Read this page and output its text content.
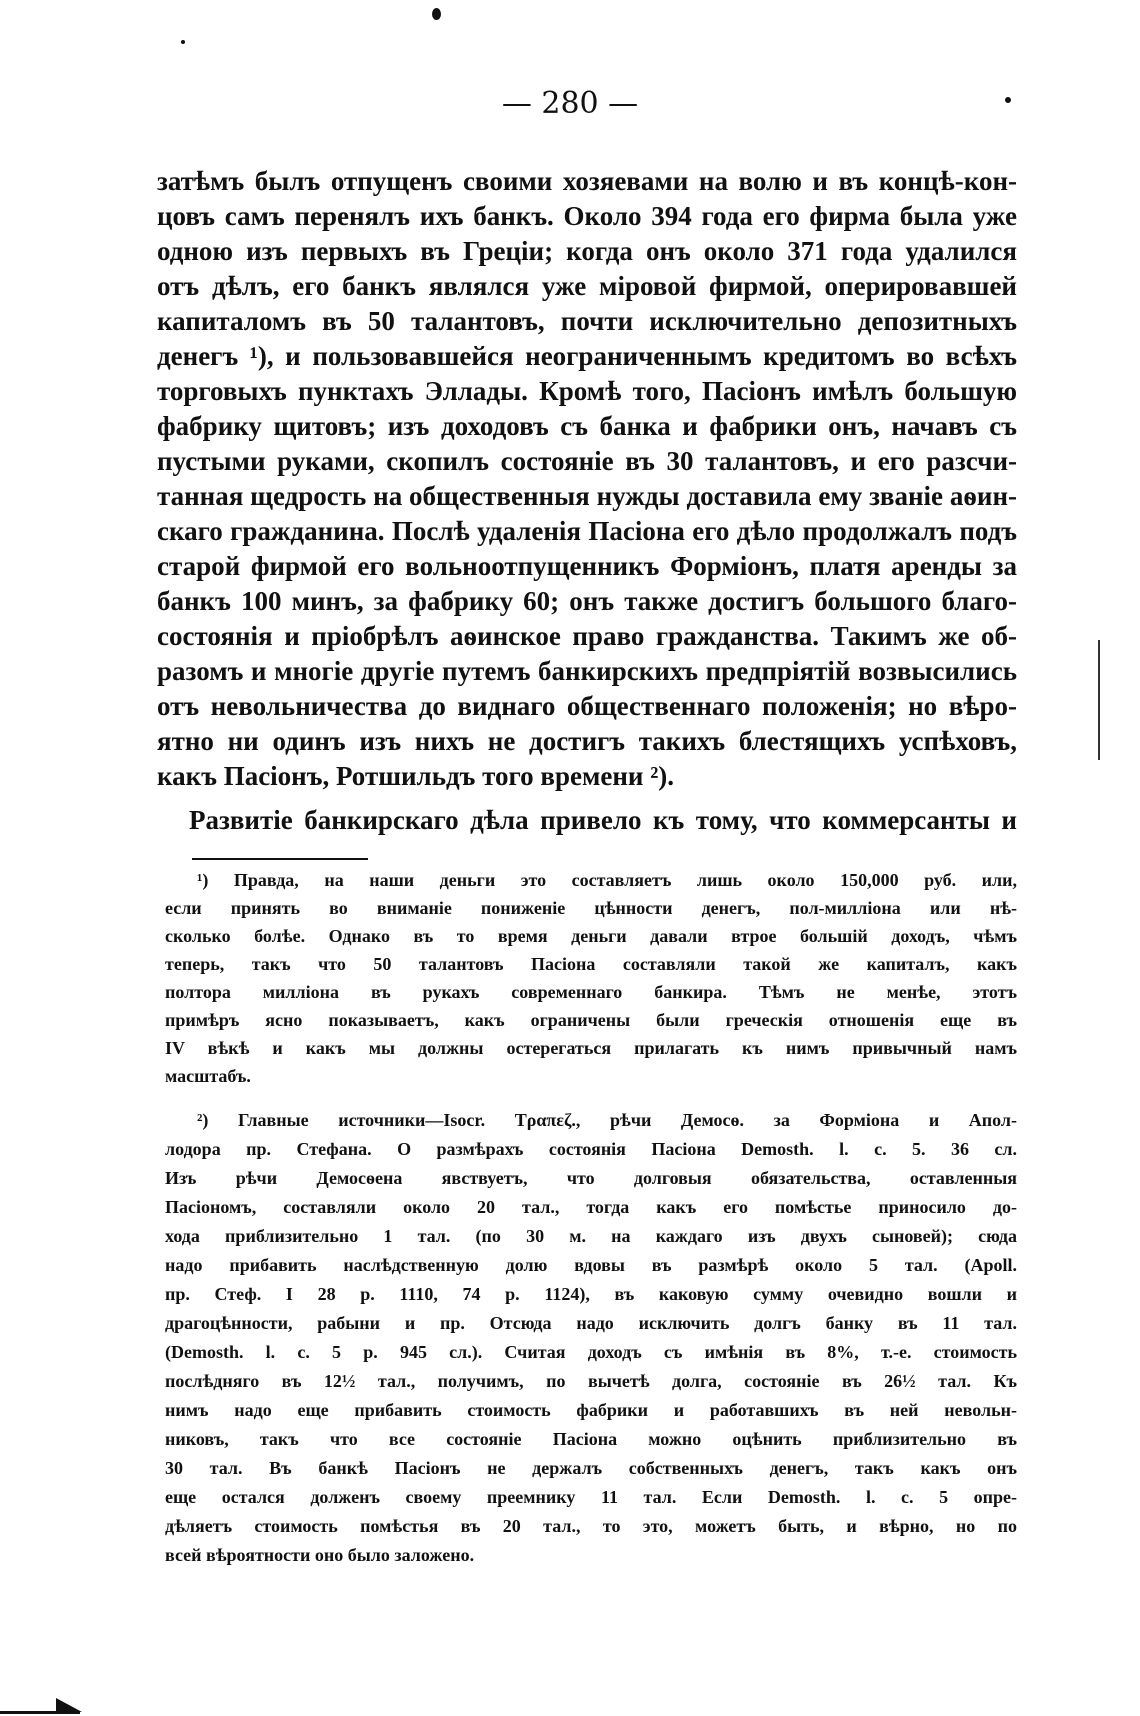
— 280 —
затѣмъ былъ отпущенъ своими хозяевами на волю и въ концѣ-кон-
цовъ самъ перенялъ ихъ банкъ. Около 394 года его фирма была уже
одною изъ первыхъ въ Греціи; когда онъ около 371 года удалился
отъ дѣлъ, его банкъ являлся уже міровой фирмой, оперировавшей
капиталомъ въ 50 талантовъ, почти исключительно депозитныхъ
денегъ ¹), и пользовавшейся неограниченнымъ кредитомъ во всѣхъ
торговыхъ пунктахъ Эллады. Кромѣ того, Пасіонъ имѣлъ большую
фабрику щитовъ; изъ доходовъ съ банка и фабрики онъ, начавъ съ
пустыми руками, скопилъ состояніе въ 30 талантовъ, и его разсчи-
танная щедрость на общественныя нужды доставила ему званіе аѳин-
скаго гражданина. Послѣ удаленія Пасіона его дѣло продолжалъ подъ
старой фирмой его вольноотпущенникъ Форміонъ, платя аренды за
банкъ 100 минъ, за фабрику 60; онъ также достигъ большого благо-
состоянія и пріобрѣлъ аѳинское право гражданства. Такимъ же об-
разомъ и многіе другіе путемъ банкирскихъ предпріятій возвысились
отъ невольничества до виднаго общественнаго положенія; но вѣро-
ятно ни одинъ изъ нихъ не достигъ такихъ блестящихъ успѣховъ,
какъ Пасіонъ, Ротшильдъ того времени ²).
Развитіе банкирскаго дѣла привело къ тому, что коммерсанты и
¹) Правда, на наши деньги это составляетъ лишь около 150,000 руб. или,
если принять во вниманіе пониженіе цѣнности денегъ, пол-милліона или нѣ-
сколько болѣе. Однако въ то время деньги давали втрое большій доходъ, чѣмъ
теперь, такъ что 50 талантовъ Пасіона составляли такой же капиталъ, какъ
полтора милліона въ рукахъ современнаго банкира. Тѣмъ не менѣе, этотъ
примѣръ ясно показываетъ, какъ ограничены были греческія отношенія еще въ
IV вѣкѣ и какъ мы должны остерегаться прилагать къ нимъ привычный намъ
масштабъ.
²) Главные источники—Isocr. Τραπεζ., рѣчи Демосѳ. за Форміона и Апол-
лодора пр. Стефана. О размѣрахъ состоянія Пасіона Demosth. l. c. 5. 36 сл.
Изъ рѣчи Демосѳена явствуетъ, что долговыя обязательства, оставленныя
Пасіономъ, составляли около 20 тал., тогда какъ его помѣстье приносило до-
хода приблизительно 1 тал. (по 30 м. на каждаго изъ двухъ сыновей); сюда
надо прибавить наслѣдственную долю вдовы въ размѣрѣ около 5 тал. (Apoll.
пр. Стеф. I 28 p. 1110, 74 p. 1124), въ каковую сумму очевидно вошли и
драгоцѣнности, рабыни и пр. Отсюда надо исключить долгъ банку въ 11 тал.
(Demosth. l. c. 5 p. 945 сл.). Считая доходъ съ имѣнія въ 8%, т.-е. стоимость
послѣдняго въ 12½ тал., получимъ, по вычетѣ долга, состояніе въ 26½ тал. Къ
нимъ надо еще прибавить стоимость фабрики и работавшихъ въ ней невольн-
никовъ, такъ что все состояніе Пасіона можно оцѣнить приблизительно въ
30 тал. Въ банкѣ Пасіонъ не держалъ собственныхъ денегъ, такъ какъ онъ
еще остался долженъ своему преемнику 11 тал. Если Demosth. l. c. 5 опре-
дѣляетъ стоимость помѣстья въ 20 тал., то это, можетъ быть, и вѣрно, но по
всей вѣроятности оно было заложено.
